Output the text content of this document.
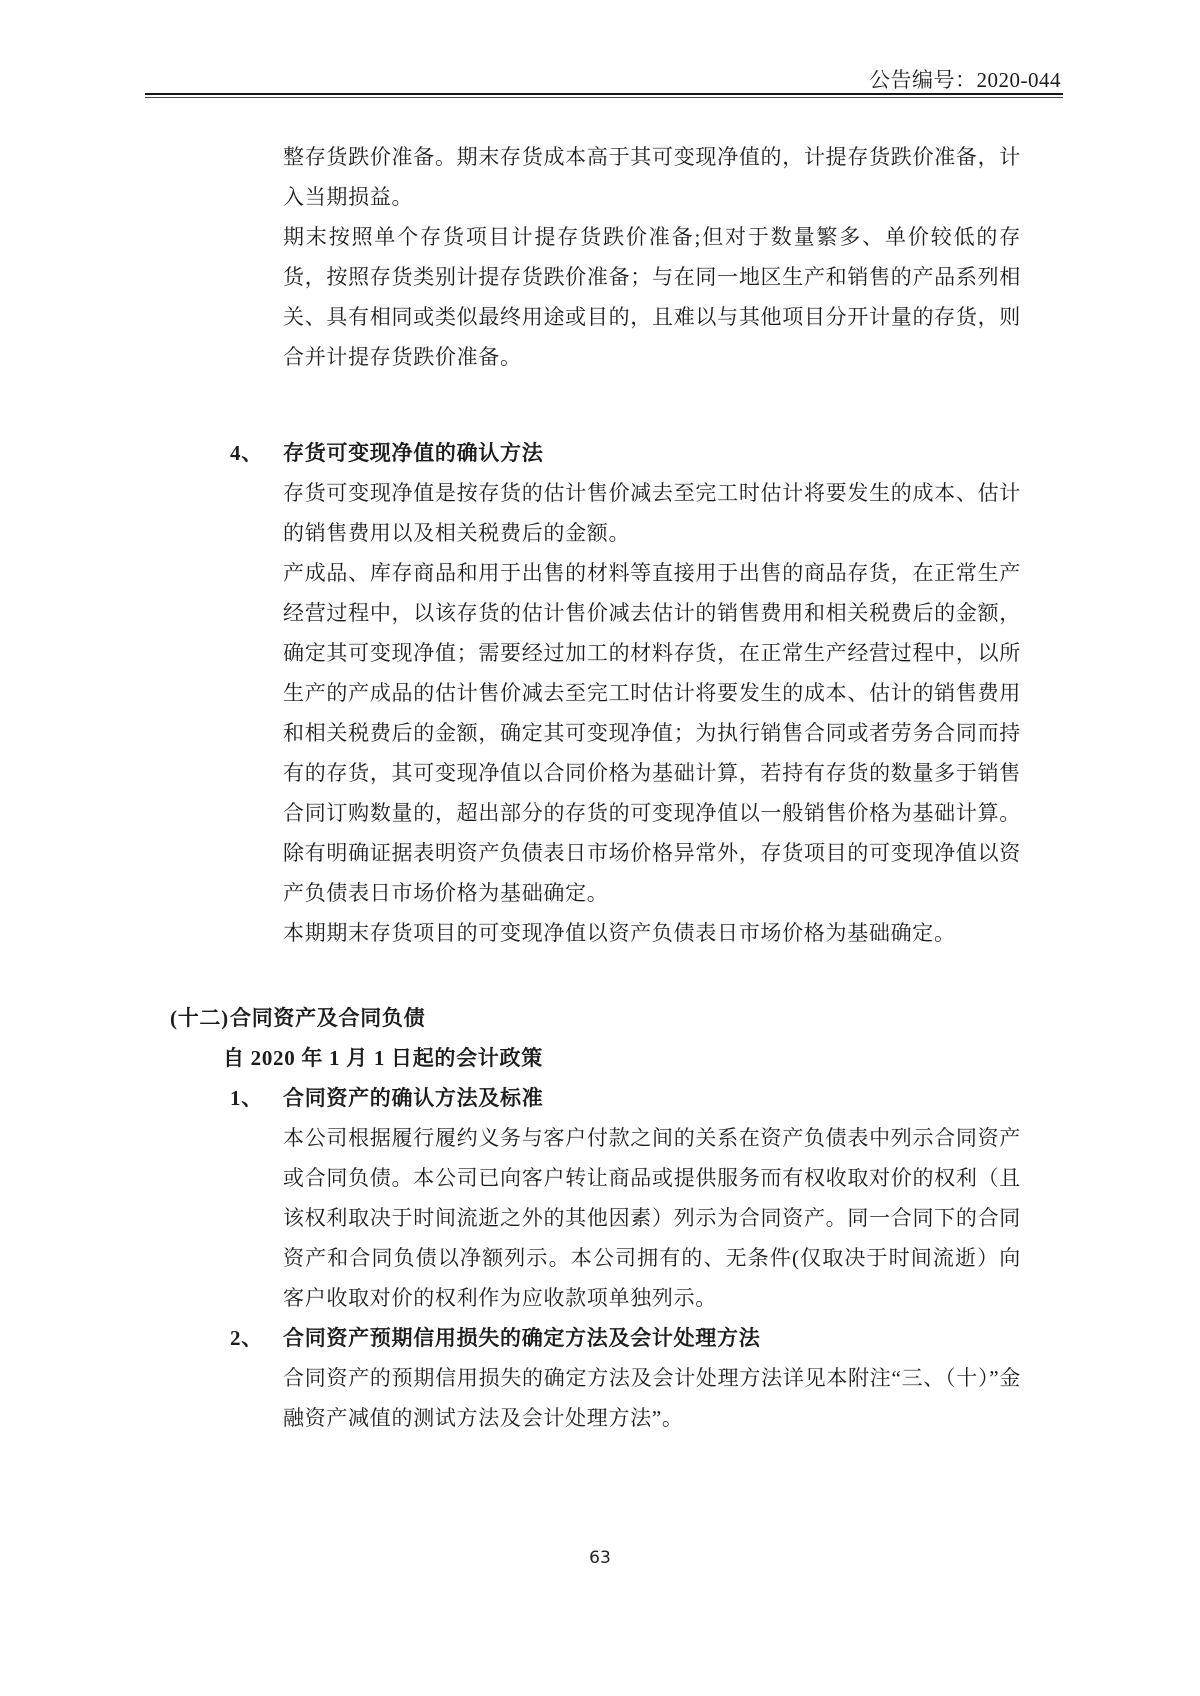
公告编号：2020-044

整存货跌价准备。期末存货成本高于其可变现净值的，计提存货跌价准备，计入当期损益。

期末按照单个存货项目计提存货跌价准备;但对于数量繁多、单价较低的存货，按照存货类别计提存货跌价准备；与在同一地区生产和销售的产品系列相关、具有相同或类似最终用途或目的，且难以与其他项目分开计量的存货，则合并计提存货跌价准备。

4、 存货可变现净值的确认方法

存货可变现净值是按存货的估计售价减去至完工时估计将要发生的成本、估计的销售费用以及相关税费后的金额。

产成品、库存商品和用于出售的材料等直接用于出售的商品存货，在正常生产经营过程中，以该存货的估计售价减去估计的销售费用和相关税费后的金额，确定其可变现净值；需要经过加工的材料存货，在正常生产经营过程中，以所生产的产成品的估计售价减去至完工时估计将要发生的成本、估计的销售费用和相关税费后的金额，确定其可变现净值；为执行销售合同或者劳务合同而持有的存货，其可变现净值以合同价格为基础计算，若持有存货的数量多于销售合同订购数量的，超出部分的存货的可变现净值以一般销售价格为基础计算。除有明确证据表明资产负债表日市场价格异常外，存货项目的可变现净值以资产负债表日市场价格为基础确定。

本期期末存货项目的可变现净值以资产负债表日市场价格为基础确定。

(十二)合同资产及合同负债

自 2020 年 1 月 1 日起的会计政策

1、 合同资产的确认方法及标准

本公司根据履行履约义务与客户付款之间的关系在资产负债表中列示合同资产或合同负债。本公司已向客户转让商品或提供服务而有权收取对价的权利（且该权利取决于时间流逝之外的其他因素）列示为合同资产。同一合同下的合同资产和合同负债以净额列示。本公司拥有的、无条件(仅取决于时间流逝）向客户收取对价的权利作为应收款项单独列示。

2、 合同资产预期信用损失的确定方法及会计处理方法

合同资产的预期信用损失的确定方法及会计处理方法详见本附注“三、（十）”金融资产减值的测试方法及会计处理方法”。

63
